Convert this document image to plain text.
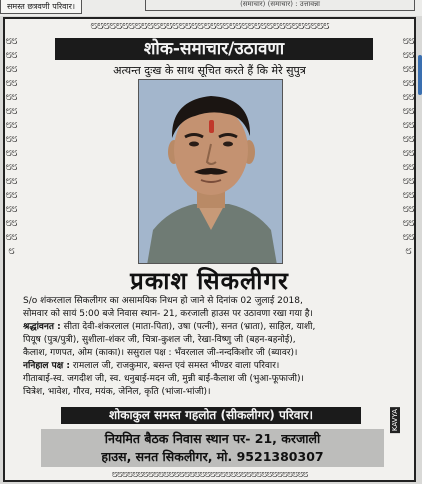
समस्त छत्रवणी परिवार।	(समाचार) (समाचार) : उत्तावन्ना
೮೮೮೮೮೮೮೮೮೮೮೮೮೮೮೮೮೮೮೮೮೮೮೮೮೮೮೮೮೮೮೮೮೮೮೮೮೮
೮೮೮೮೮೮೮೮೮೮೮೮೮೮೮೮೮೮೮೮೮೮೮೮೮೮೮೮೮೮೮
೮೮೮೮೮೮೮೮೮೮೮೮೮೮೮೮೮೮೮೮೮೮೮೮೮೮೮೮೮೮೮
೮೮೮೮೮೮೮೮೮೮೮೮೮೮೮೮೮೮೮೮೮೮೮೮೮೮೮೮೮೮೮೮೮೮೮೮೮೮
शोक-समाचार/उठावणा
अत्यन्त दुःख के साथ सूचित करते हैं कि मेरे सुपुत्र
प्रकाश सिकलीगर

S/o शंकरलाल सिकलीगर का असामयिक निधन हो जाने से दिनांक 02 जुलाई 2018,

सोमवार को सायं 5:00 बजे निवास स्थान- 21, करजाली हाउस पर उठावणा रखा गया है।

श्रद्धांवनत : सीता देवी-शंकरलाल (माता-पिता), उषा (पत्नी), सनत (भ्राता), साहिल, याशी,

पियूष (पुत्र/पुत्री), सुशीला-शंकर जी, चित्रा-कुशल जी, रेखा-विष्णु जी (बहन-बहनोई),

कैलाश, गणपत, ओम (काका)। ससुराल पक्ष : भँवरलाल जी-नन्दकिशोर जी (ब्यावर)।

ननिहाल पक्ष : रामलाल जी, राजकुमार, बसन्त एवं समस्त भीण्डर वाला परिवार।

गीताबाई-स्व. जगदीश जी, स्व. धनुबाई-मदन जी, मुन्नी बाई-कैलाश जी (भुआ-फूफाजी)।

चित्रेश, भावेश, गौरव, मयंक, जेनिल, कृति (भांजा-भांजी)।

शोकाकुल समस्त गहलोत (सीकलीगर) परिवार।
नियमित बैठक निवास स्थान पर- 21, करजाली
हाउस, सनत सिकलीगर, मो. 9521380307
KAVYA
